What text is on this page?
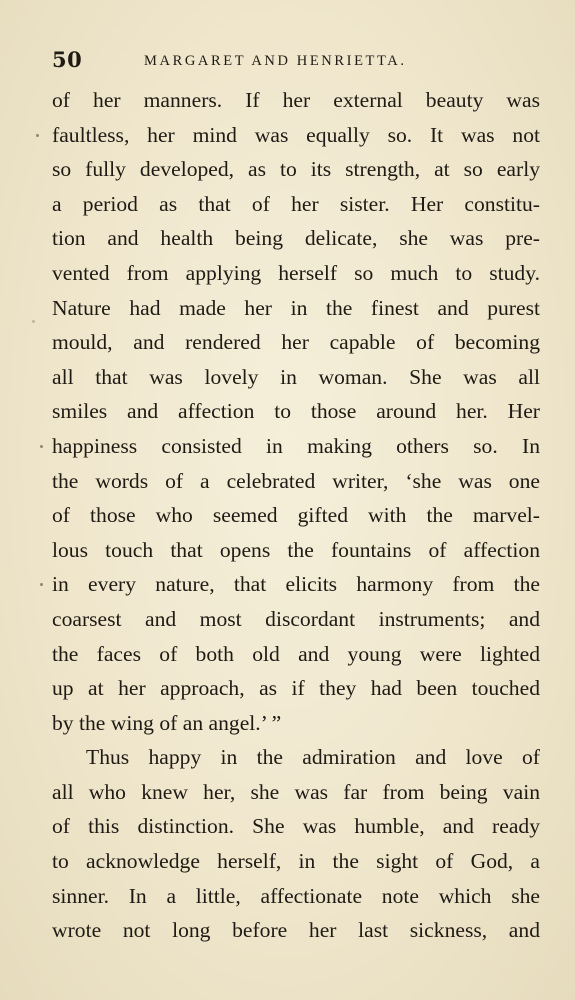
50	MARGARET AND HENRIETTA.
of her manners. If her external beauty was
faultless, her mind was equally so. It was not
so fully developed, as to its strength, at so early
a period as that of her sister. Her constitu-
tion and health being delicate, she was pre-
vented from applying herself so much to study.
Nature had made her in the finest and purest
mould, and rendered her capable of becoming
all that was lovely in woman. She was all
smiles and affection to those around her. Her
happiness consisted in making others so. In
the words of a celebrated writer, ‘she was one
of those who seemed gifted with the marvel-
lous touch that opens the fountains of affection
in every nature, that elicits harmony from the
coarsest and most discordant instruments; and
the faces of both old and young were lighted
up at her approach, as if they had been touched
by the wing of an angel.’ ”
Thus happy in the admiration and love of
all who knew her, she was far from being vain
of this distinction. She was humble, and ready
to acknowledge herself, in the sight of God, a
sinner. In a little, affectionate note which she
wrote not long before her last sickness, and
